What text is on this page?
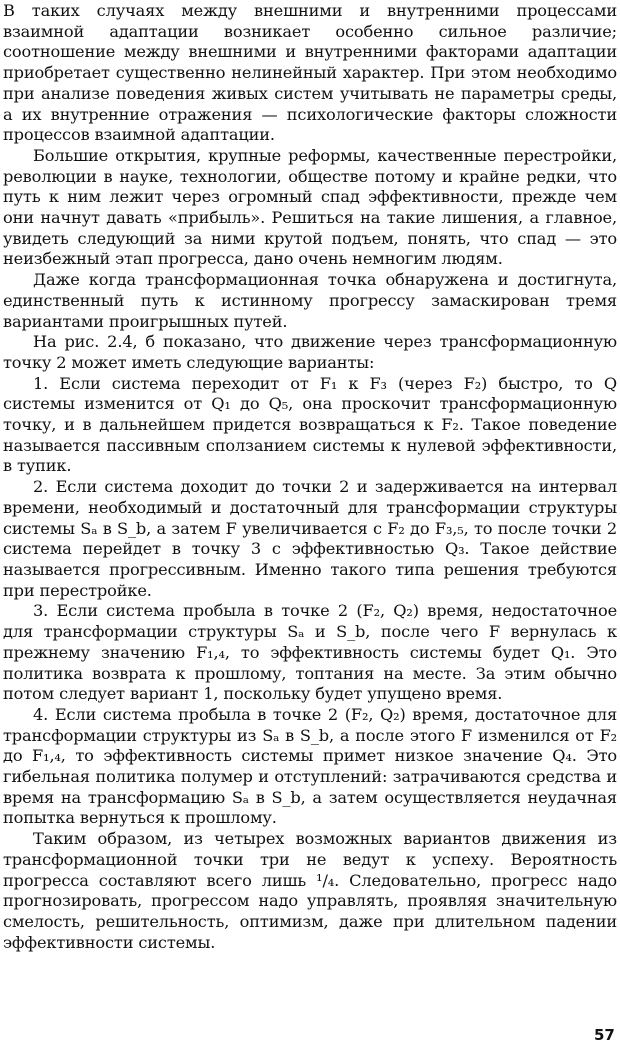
В таких случаях между внешними и внутренними процессами взаимной адаптации возникает особенно сильное различие; соотношение между внешними и внутренними факторами адаптации приобретает существенно нелинейный характер. При этом необходимо при анализе поведения живых систем учитывать не параметры среды, а их внутренние отражения — психологические факторы сложности процессов взаимной адаптации.

Большие открытия, крупные реформы, качественные перестройки, революции в науке, технологии, обществе потому и крайне редки, что путь к ним лежит через огромный спад эффективности, прежде чем они начнут давать «прибыль». Решиться на такие лишения, а главное, увидеть следующий за ними крутой подъем, понять, что спад — это неизбежный этап прогресса, дано очень немногим людям.

Даже когда трансформационная точка обнаружена и достигнута, единственный путь к истинному прогрессу замаскирован тремя вариантами проигрышных путей.

На рис. 2.4, б показано, что движение через трансформационную точку 2 может иметь следующие варианты:

1. Если система переходит от F₁ к F₃ (через F₂) быстро, то Q системы изменится от Q₁ до Q₅, она проскочит трансформационную точку, и в дальнейшем придется возвращаться к F₂. Такое поведение называется пассивным сползанием системы к нулевой эффективности, в тупик.

2. Если система доходит до точки 2 и задерживается на интервал времени, необходимый и достаточный для трансформации структуры системы Sₐ в S_b, а затем F увеличивается с F₂ до F₃,₅, то после точки 2 система перейдет в точку 3 с эффективностью Q₃. Такое действие называется прогрессивным. Именно такого типа решения требуются при перестройке.

3. Если система пробыла в точке 2 (F₂, Q₂) время, недостаточное для трансформации структуры Sₐ и S_b, после чего F вернулась к прежнему значению F₁,₄, то эффективность системы будет Q₁. Это политика возврата к прошлому, топтания на месте. За этим обычно потом следует вариант 1, поскольку будет упущено время.

4. Если система пробыла в точке 2 (F₂, Q₂) время, достаточное для трансформации структуры из Sₐ в S_b, а после этого F изменился от F₂ до F₁,₄, то эффективность системы примет низкое значение Q₄. Это гибельная политика полумер и отступлений: затрачиваются средства и время на трансформацию Sₐ в S_b, а затем осуществляется неудачная попытка вернуться к прошлому.

Таким образом, из четырех возможных вариантов движения из трансформационной точки три не ведут к успеху. Вероятность прогресса составляют всего лишь ¹/₄. Следовательно, прогресс надо прогнозировать, прогрессом надо управлять, проявляя значительную смелость, решительность, оптимизм, даже при длительном падении эффективности системы.

57
